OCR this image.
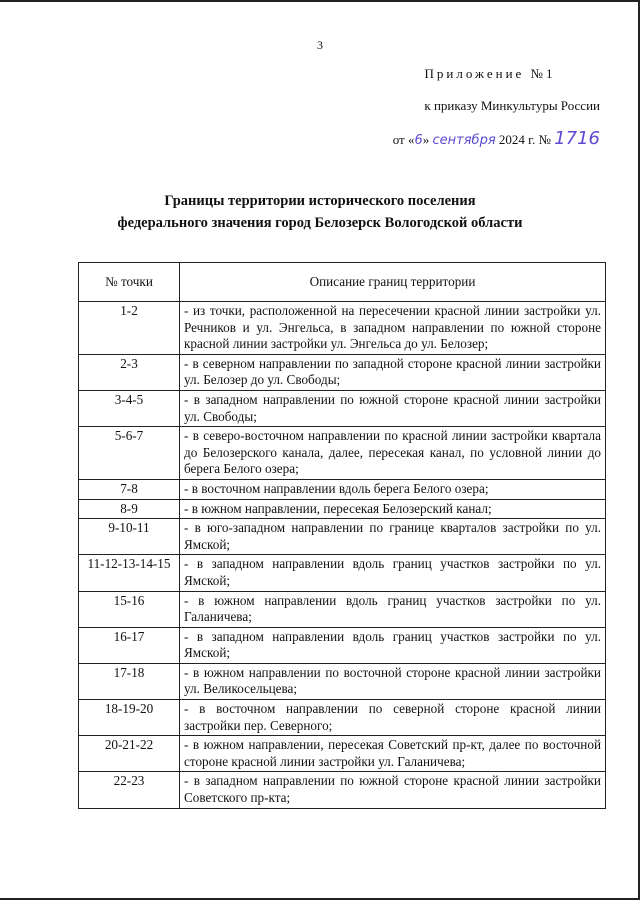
3
Приложение №1
к приказу Минкультуры России
от «6» сентября 2024 г. № 1716
Границы территории исторического поселения
федерального значения город Белозерск Вологодской области
№ точки	Описание границ территории
1-2	- из точки, расположенной на пересечении красной линии застройки ул. Речников и ул. Энгельса, в западном направлении по южной стороне красной линии застройки ул. Энгельса до ул. Белозер;
2-3	- в северном направлении по западной стороне красной линии застройки ул. Белозер до ул. Свободы;
3-4-5	- в западном направлении по южной стороне красной линии застройки ул. Свободы;
5-6-7	- в северо-восточном направлении по красной линии застройки квартала до Белозерского канала, далее, пересекая канал, по условной линии до берега Белого озера;
7-8	- в восточном направлении вдоль берега Белого озера;
8-9	- в южном направлении, пересекая Белозерский канал;
9-10-11	- в юго-западном направлении по границе кварталов застройки по ул. Ямской;
11-12-13-14-15	- в западном направлении вдоль границ участков застройки по ул. Ямской;
15-16	- в южном направлении вдоль границ участков застройки по ул. Галаничева;
16-17	- в западном направлении вдоль границ участков застройки по ул. Ямской;
17-18	- в южном направлении по восточной стороне красной линии застройки ул. Великосельцева;
18-19-20	- в восточном направлении по северной стороне красной линии застройки пер. Северного;
20-21-22	- в южном направлении, пересекая Советский пр-кт, далее по восточной стороне красной линии застройки ул. Галаничева;
22-23	- в западном направлении по южной стороне красной линии застройки Советского пр-кта;
